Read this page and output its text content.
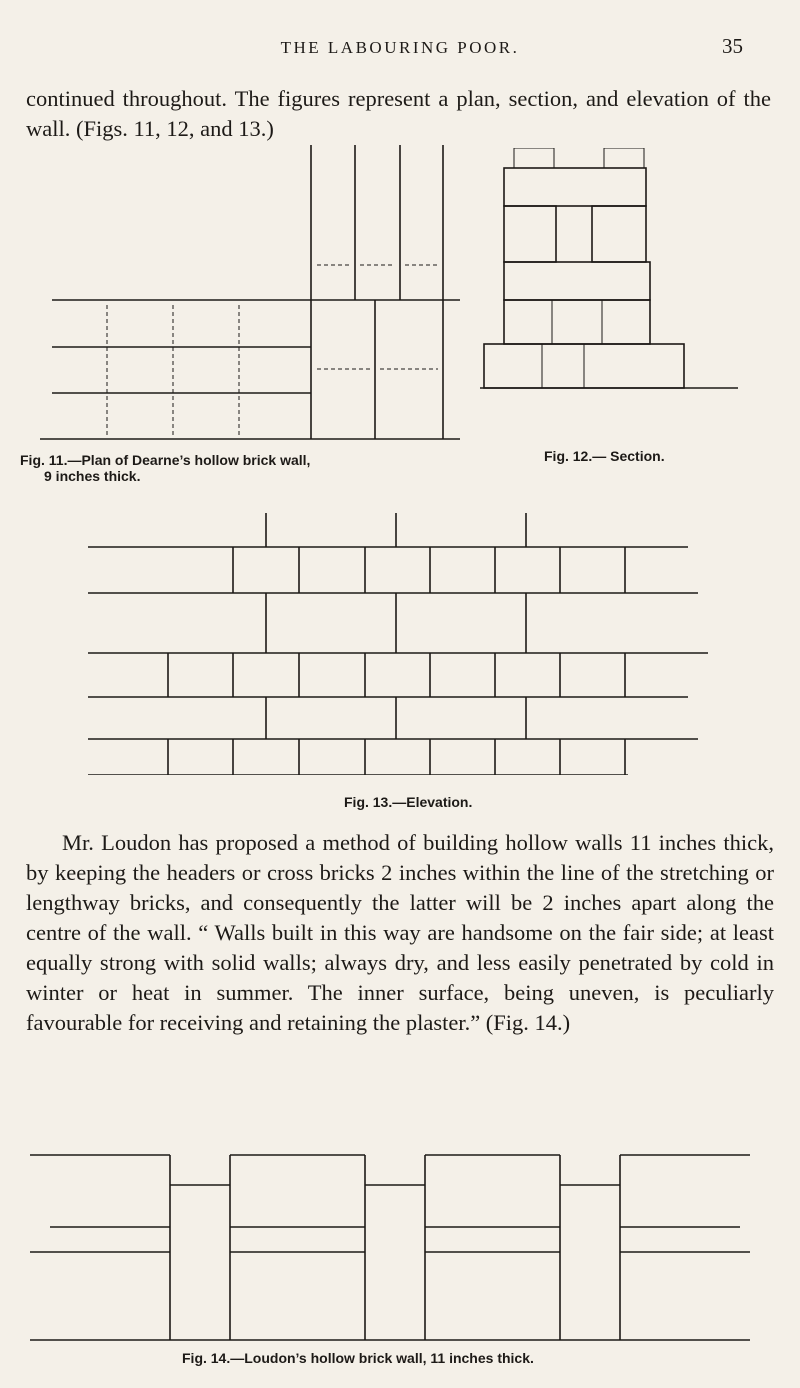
THE LABOURING POOR.	35

continued throughout. The figures represent a plan, section, and elevation of the wall. (Figs. 11, 12, and 13.)

Fig. 11.—Plan of Dearne’s hollow brick wall,
9 inches thick.
Fig. 12.— Section.
Fig. 13.—Elevation.

Mr. Loudon has proposed a method of building hollow walls 11 inches thick, by keeping the headers or cross bricks 2 inches within the line of the stretching or lengthway bricks, and consequently the latter will be 2 inches apart along the centre of the wall. “ Walls built in this way are handsome on the fair side; at least equally strong with solid walls; always dry, and less easily penetrated by cold in winter or heat in summer. The inner surface, being uneven, is peculiarly favourable for receiving and retaining the plaster.” (Fig. 14.)

Fig. 14.—Loudon’s hollow brick wall, 11 inches thick.
